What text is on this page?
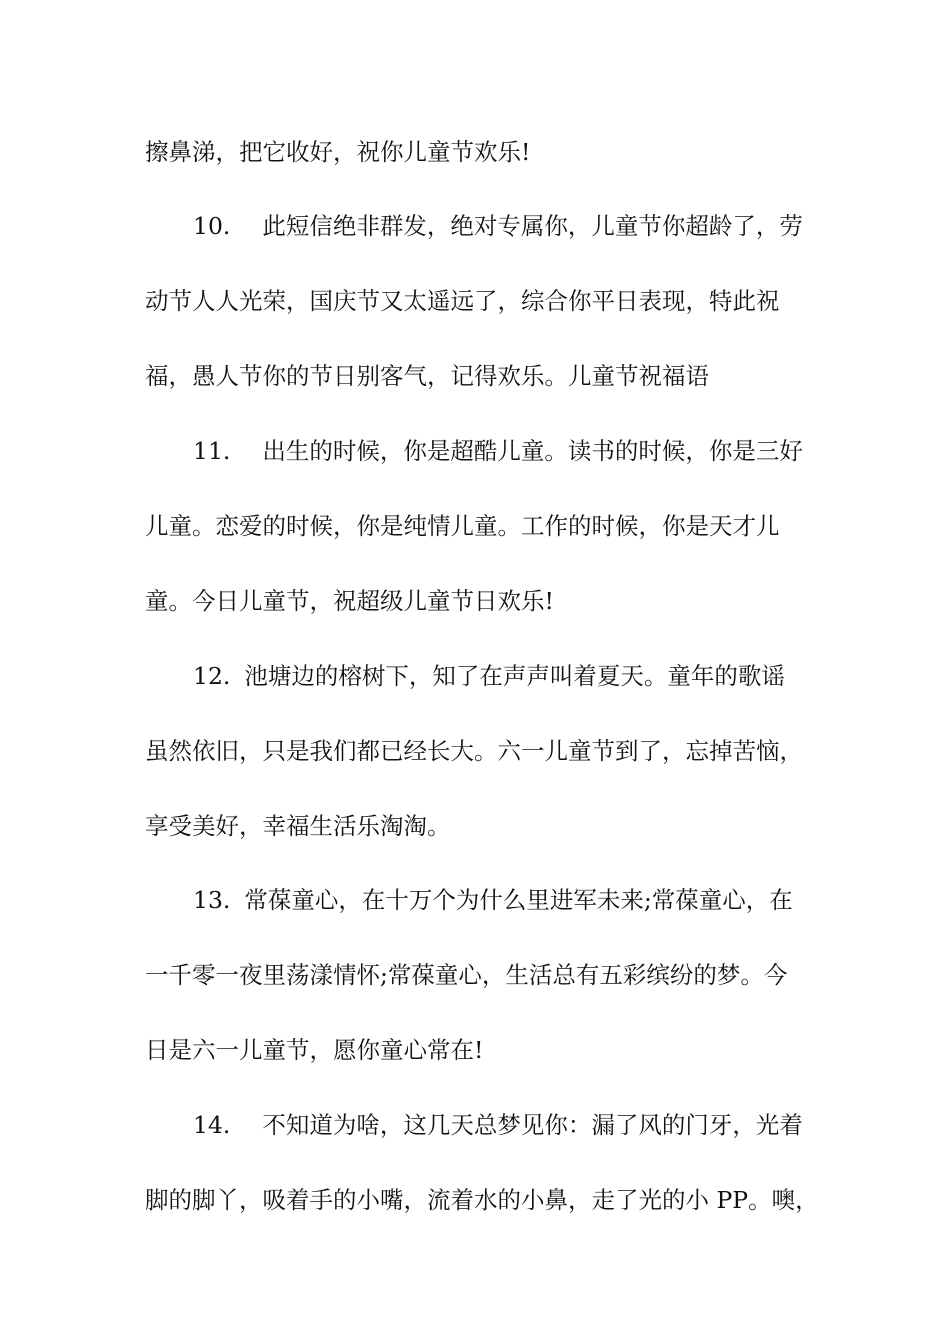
擦鼻涕，把它收好，祝你儿童节欢乐!
10. 此短信绝非群发，绝对专属你，儿童节你超龄了，劳
动节人人光荣，国庆节又太遥远了，综合你平日表现，特此祝
福，愚人节你的节日别客气，记得欢乐。儿童节祝福语
11. 出生的时候，你是超酷儿童。读书的时候，你是三好
儿童。恋爱的时候，你是纯情儿童。工作的时候，你是天才儿
童。今日儿童节，祝超级儿童节日欢乐!
12. 池塘边的榕树下，知了在声声叫着夏天。童年的歌谣
虽然依旧，只是我们都已经长大。六一儿童节到了，忘掉苦恼，
享受美好，幸福生活乐淘淘。
13. 常葆童心，在十万个为什么里进军未来;常葆童心，在
一千零一夜里荡漾情怀;常葆童心，生活总有五彩缤纷的梦。今
日是六一儿童节，愿你童心常在!
14. 不知道为啥，这几天总梦见你：漏了风的门牙，光着
脚的脚丫，吸着手的小嘴，流着水的小鼻，走了光的小 PP。噢，
